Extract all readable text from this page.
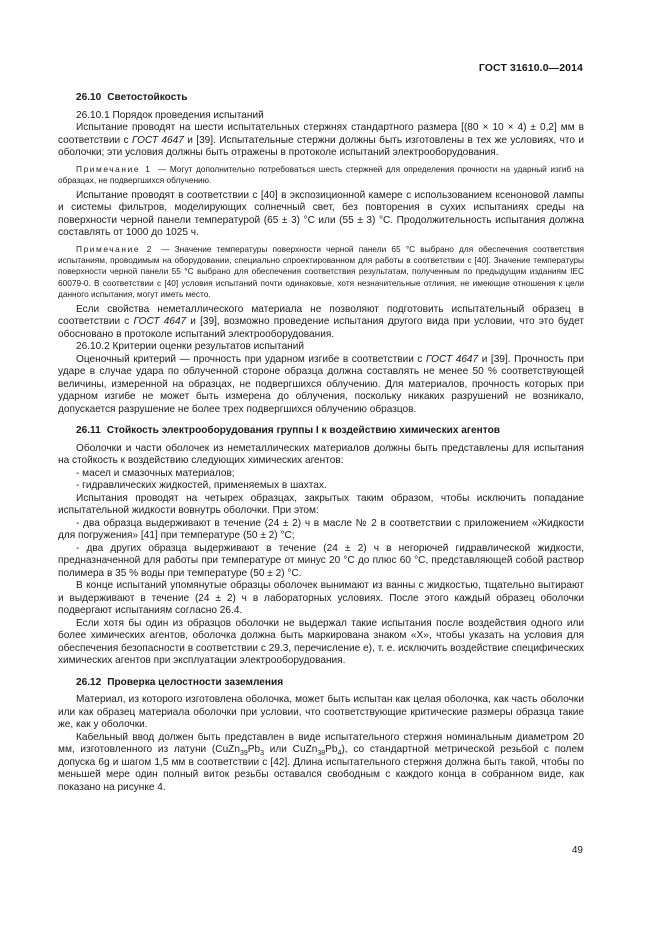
ГОСТ 31610.0—2014
26.10 Светостойкость

26.10.1 Порядок проведения испытаний

Испытание проводят на шести испытательных стержнях стандартного размера [(80 × 10 × 4) ± 0,2] мм в соответствии с ГОСТ 4647 и [39]. Испытательные стержни должны быть изготовлены в тех же условиях, что и оболочки; эти условия должны быть отражены в протоколе испытаний электрооборудования.

Примечание 1 — Могут дополнительно потребоваться шесть стержней для определения прочности на ударный изгиб на образцах, не подвергшихся облучению.

Испытание проводят в соответствии с [40] в экспозиционной камере с использованием ксеноновой лампы и системы фильтров, моделирующих солнечный свет, без повторения в сухих испытаниях среды на поверхности черной панели температурой (65 ± 3) °C или (55 ± 3) °C. Продолжительность испытания должна составлять от 1000 до 1025 ч.

Примечание 2 — Значение температуры поверхности черной панели 65 °C выбрано для обеспечения соответствия испытаниям, проводимым на оборудовании, специально спроектированном для работы в соответствии с [40]. Значение температуры поверхности черной панели 55 °C выбрано для обеспечения соответствия результатам, полученным по предыдущим изданиям IEC 60079-0. В соответствии с [40] условия испытаний почти одинаковые, хотя незначительные отличия, не имеющие отношения к цели данного испытания, могут иметь место.

Если свойства неметаллического материала не позволяют подготовить испытательный образец в соответствии с ГОСТ 4647 и [39], возможно проведение испытания другого вида при условии, что это будет обосновано в протоколе испытаний электрооборудования.

26.10.2 Критерии оценки результатов испытаний

Оценочный критерий — прочность при ударном изгибе в соответствии с ГОСТ 4647 и [39]. Прочность при ударе в случае удара по облученной стороне образца должна составлять не менее 50 % соответствующей величины, измеренной на образцах, не подвергшихся облучению. Для материалов, прочность которых при ударном изгибе не может быть измерена до облучения, поскольку никаких разрушений не возникало, допускается разрушение не более трех подвергшихся облучению образцов.

26.11 Стойкость электрооборудования группы I к воздействию химических агентов

Оболочки и части оболочек из неметаллических материалов должны быть представлены для испытания на стойкость к воздействию следующих химических агентов:

- масел и смазочных материалов;

- гидравлических жидкостей, применяемых в шахтах.

Испытания проводят на четырех образцах, закрытых таким образом, чтобы исключить попадание испытательной жидкости вовнутрь оболочки. При этом:

- два образца выдерживают в течение (24 ± 2) ч в масле № 2 в соответствии с приложением «Жидкости для погружения» [41] при температуре (50 ± 2) °C;

- два других образца выдерживают в течение (24 ± 2) ч в негорючей гидравлической жидкости, предназначенной для работы при температуре от минус 20 °C до плюс 60 °C, представляющей собой раствор полимера в 35 % воды при температуре (50 ± 2) °C.

В конце испытаний упомянутые образцы оболочек вынимают из ванны с жидкостью, тщательно вытирают и выдерживают в течение (24 ± 2) ч в лабораторных условиях. После этого каждый образец оболочки подвергают испытаниям согласно 26.4.

Если хотя бы один из образцов оболочки не выдержал такие испытания после воздействия одного или более химических агентов, оболочка должна быть маркирована знаком «X», чтобы указать на условия для обеспечения безопасности в соответствии с 29.3, перечисление e), т. е. исключить воздействие специфических химических агентов при эксплуатации электрооборудования.

26.12 Проверка целостности заземления

Материал, из которого изготовлена оболочка, может быть испытан как целая оболочка, как часть оболочки или как образец материала оболочки при условии, что соответствующие критические размеры образца такие же, как у оболочки.

Кабельный ввод должен быть представлен в виде испытательного стержня номинальным диаметром 20 мм, изготовленного из латуни ($CuZn_{39}Pb_3$ или $CuZn_{38}Pb_4$), со стандартной метрической резьбой с полем допуска 6g и шагом 1,5 мм в соответствии с [42]. Длина испытательного стержня должна быть такой, чтобы по меньшей мере один полный виток резьбы оставался свободным с каждого конца в собранном виде, как показано на рисунке 4.

49
